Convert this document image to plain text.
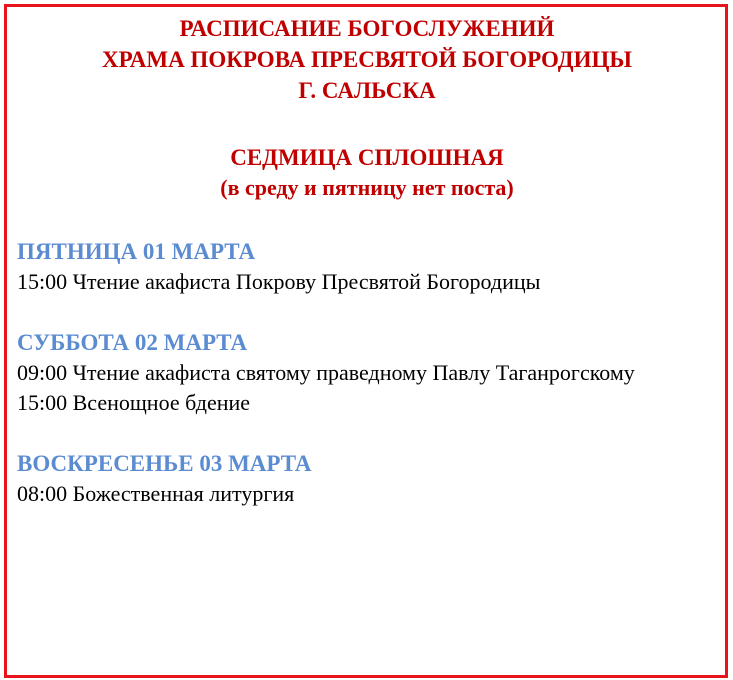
РАСПИСАНИЕ БОГОСЛУЖЕНИЙ
ХРАМА ПОКРОВА ПРЕСВЯТОЙ БОГОРОДИЦЫ
Г. САЛЬСКА
СЕДМИЦА СПЛОШНАЯ
(в среду и пятницу нет поста)
ПЯТНИЦА 01 МАРТА
15:00 Чтение акафиста Покрову Пресвятой Богородицы
СУББОТА 02 МАРТА
09:00 Чтение акафиста святому праведному Павлу Таганрогскому
15:00 Всенощное бдение
ВОСКРЕСЕНЬЕ 03 МАРТА
08:00 Божественная литургия
